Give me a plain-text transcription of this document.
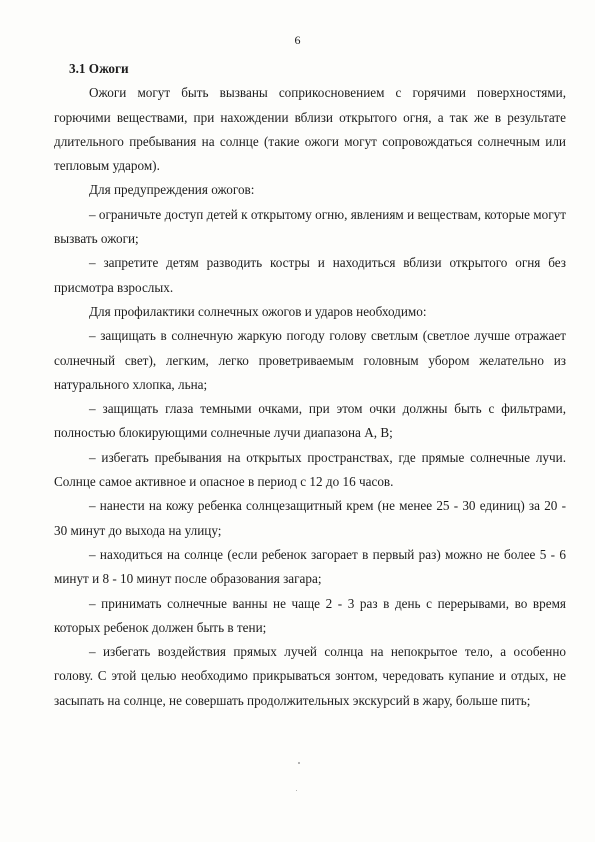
6
3.1 Ожоги

Ожоги могут быть вызваны соприкосновением с горячими поверхностями, горючими веществами, при нахождении вблизи открытого огня, а так же в результате длительного пребывания на солнце (такие ожоги могут сопровождаться солнечным или тепловым ударом).

Для предупреждения ожогов:

– ограничьте доступ детей к открытому огню, явлениям и веществам, которые могут вызвать ожоги;

– запретите детям разводить костры и находиться вблизи открытого огня без присмотра взрослых.

Для профилактики солнечных ожогов и ударов необходимо:

– защищать в солнечную жаркую погоду голову светлым (светлое лучше отражает солнечный свет), легким, легко проветриваемым головным убором желательно из натурального хлопка, льна;

– защищать глаза темными очками, при этом очки должны быть с фильтрами, полностью блокирующими солнечные лучи диапазона А, В;

– избегать пребывания на открытых пространствах, где прямые солнечные лучи. Солнце самое активное и опасное в период с 12 до 16 часов.

– нанести на кожу ребенка солнцезащитный крем (не менее 25 - 30 единиц) за 20 - 30 минут до выхода на улицу;

– находиться на солнце (если ребенок загорает в первый раз) можно не более 5 - 6 минут и 8 - 10 минут после образования загара;

– принимать солнечные ванны не чаще 2 - 3 раз в день с перерывами, во время которых ребенок должен быть в тени;

– избегать воздействия прямых лучей солнца на непокрытое тело, а особенно голову. С этой целью необходимо прикрываться зонтом, чередовать купание и отдых, не засыпать на солнце, не совершать продолжительных экскурсий в жару, больше пить;
